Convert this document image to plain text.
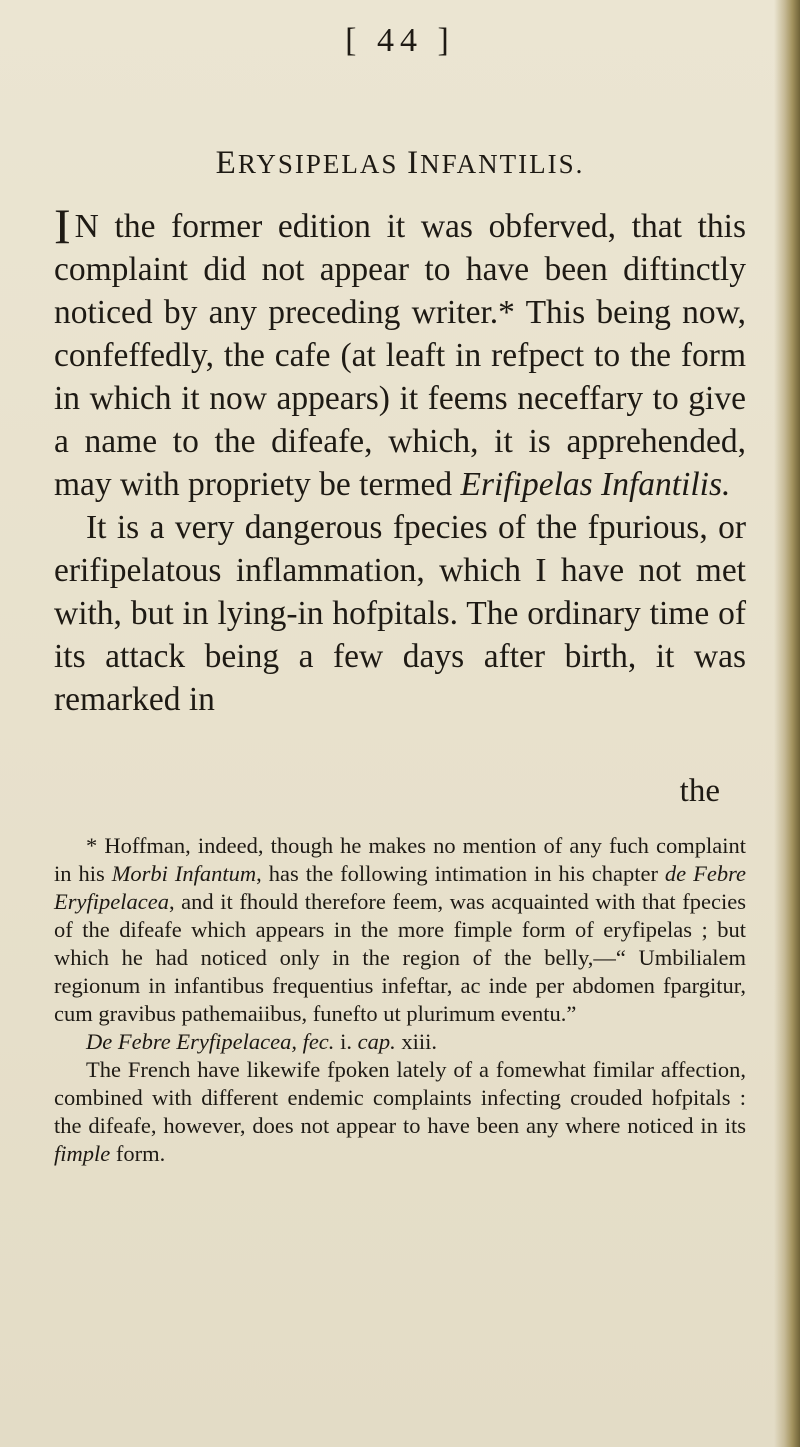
[ 44 ]
ERYSIPELAS INFANTILIS.

I N the former edition it was obferved, that this complaint did not appear to have been diftinctly noticed by any preceding writer.* This being now, confeffedly, the cafe (at leaft in refpect to the form in which it now appears) it feems neceffary to give a name to the difeafe, which, it is apprehended, may with propriety be termed Erifipelas Infantilis.

It is a very dangerous fpecies of the fpurious, or erifipelatous inflammation, which I have not met with, but in lying-in hofpitals. The ordinary time of its attack being a few days after birth, it was remarked in

the

* Hoffman, indeed, though he makes no mention of any fuch complaint in his Morbi Infantum, has the following intimation in his chapter de Febre Eryfipelacea, and it fhould therefore feem, was acquainted with that fpecies of the difeafe which appears in the more fimple form of eryfipelas ; but which he had noticed only in the region of the belly,—“ Umbilialem regionum in infantibus frequentius infeftar, ac inde per abdomen fpargitur, cum gravibus pathemaiibus, funefto ut plurimum eventu.”

De Febre Eryfipelacea, fec. i. cap. xiii.

The French have likewife fpoken lately of a fomewhat fimilar affection, combined with different endemic complaints infecting crouded hofpitals : the difeafe, however, does not appear to have been any where noticed in its fimple form.
